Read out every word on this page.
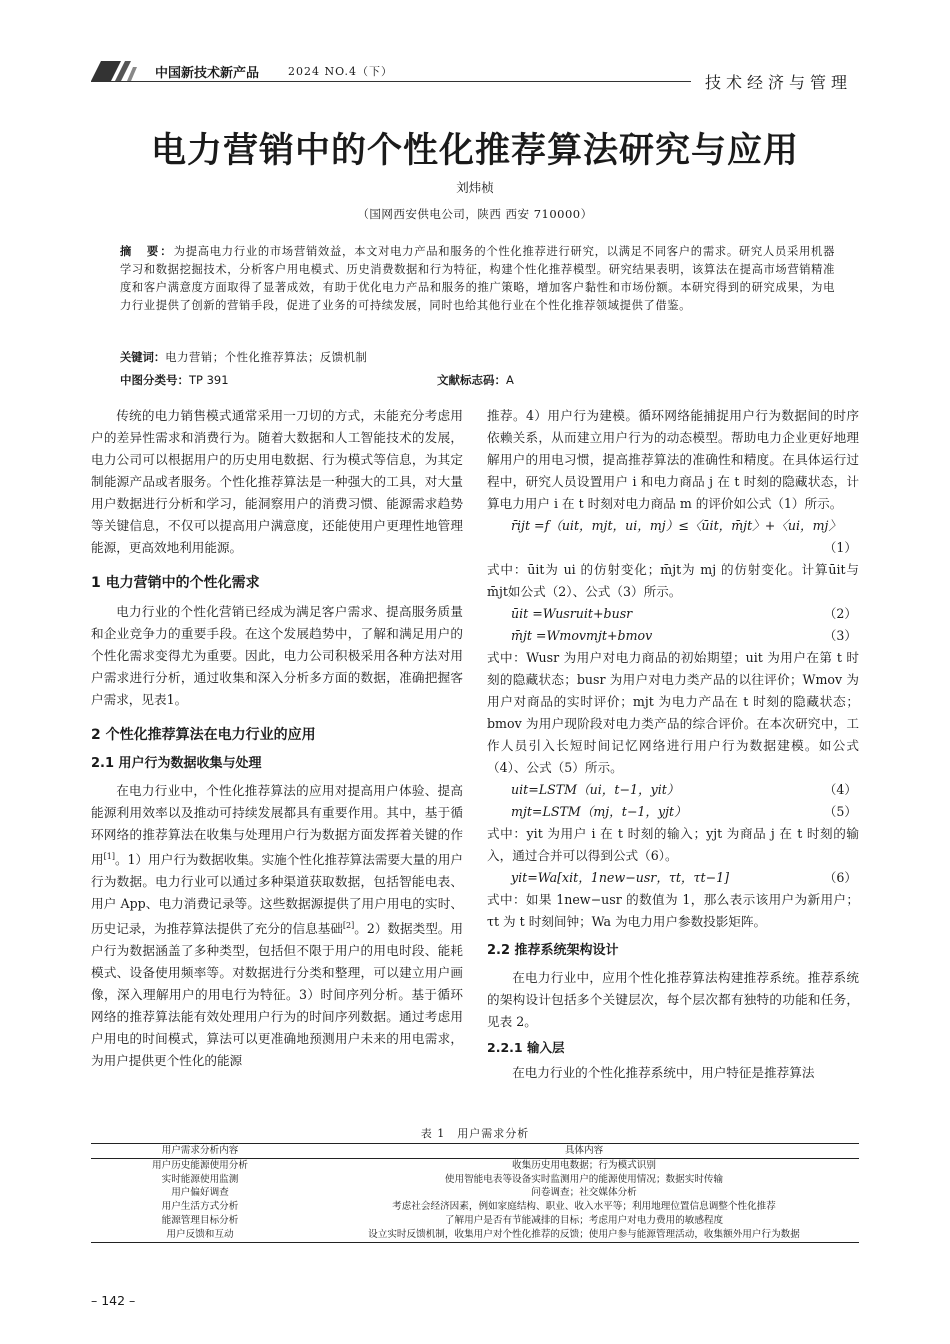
中国新技术新产品	2024 NO.4（下）
技术经济与管理
电力营销中的个性化推荐算法研究与应用
刘炜桢
（国网西安供电公司，陕西 西安 710000）
摘　要：为提高电力行业的市场营销效益，本文对电力产品和服务的个性化推荐进行研究，以满足不同客户的需求。研究人员采用机器学习和数据挖掘技术，分析客户用电模式、历史消费数据和行为特征，构建个性化推荐模型。研究结果表明，该算法在提高市场营销精准度和客户满意度方面取得了显著成效，有助于优化电力产品和服务的推广策略，增加客户黏性和市场份额。本研究得到的研究成果，为电力行业提供了创新的营销手段，促进了业务的可持续发展，同时也给其他行业在个性化推荐领域提供了借鉴。
关键词：电力营销；个性化推荐算法；反馈机制
中图分类号：TP 391	文献标志码：A

传统的电力销售模式通常采用一刀切的方式，未能充分考虑用户的差异性需求和消费行为。随着大数据和人工智能技术的发展，电力公司可以根据用户的历史用电数据、行为模式等信息，为其定制能源产品或者服务。个性化推荐算法是一种强大的工具，对大量用户数据进行分析和学习，能洞察用户的消费习惯、能源需求趋势等关键信息，不仅可以提高用户满意度，还能使用户更理性地管理能源，更高效地利用能源。

1 电力营销中的个性化需求

电力行业的个性化营销已经成为满足客户需求、提高服务质量和企业竞争力的重要手段。在这个发展趋势中，了解和满足用户的个性化需求变得尤为重要。因此，电力公司积极采用各种方法对用户需求进行分析，通过收集和深入分析多方面的数据，准确把握客户需求，见表1。

2 个性化推荐算法在电力行业的应用
2.1 用户行为数据收集与处理

在电力行业中，个性化推荐算法的应用对提高用户体验、提高能源利用效率以及推动可持续发展都具有重要作用。其中，基于循环网络的推荐算法在收集与处理用户行为数据方面发挥着关键的作用[1]。1）用户行为数据收集。实施个性化推荐算法需要大量的用户行为数据。电力行业可以通过多种渠道获取数据，包括智能电表、用户 App、电力消费记录等。这些数据源提供了用户用电的实时、历史记录，为推荐算法提供了充分的信息基础[2]。2）数据类型。用户行为数据涵盖了多种类型，包括但不限于用户的用电时段、能耗模式、设备使用频率等。对数据进行分类和整理，可以建立用户画像，深入理解用户的用电行为特征。3）时间序列分析。基于循环网络的推荐算法能有效处理用户行为的时间序列数据。通过考虑用户用电的时间模式，算法可以更准确地预测用户未来的用电需求，为用户提供更个性化的能源

推荐。4）用户行为建模。循环网络能捕捉用户行为数据间的时序依赖关系，从而建立用户行为的动态模型。帮助电力企业更好地理解用户的用电习惯，提高推荐算法的准确性和精度。在具体运行过程中，研究人员设置用户 i 和电力商品 j 在 t 时刻的隐藏状态，计算电力用户 i 在 t 时刻对电力商品 m 的评价如公式（1）所示。

r̄ijt =f（uit，mjt，ui，mj）≤〈ūit，m̄jt〉+〈ui，mj〉
（1）

式中：ūit为 ui 的仿射变化；m̄jt为 mj 的仿射变化。计算ūit与m̄jt如公式（2）、公式（3）所示。

ūit =Wusruit+busr	（2）
m̄jt =Wmovmjt+bmov	（3）

式中：Wusr 为用户对电力商品的初始期望；uit 为用户在第 t 时刻的隐藏状态；busr 为用户对电力类产品的以往评价；Wmov 为用户对商品的实时评价；mjt 为电力产品在 t 时刻的隐藏状态；bmov 为用户现阶段对电力类产品的综合评价。在本次研究中，工作人员引入长短时间记忆网络进行用户行为数据建模。如公式（4）、公式（5）所示。

uit=LSTM（ui，t−1，yit）	（4）
mjt=LSTM（mj，t−1，yjt）	（5）

式中：yit 为用户 i 在 t 时刻的输入；yjt 为商品 j 在 t 时刻的输入，通过合并可以得到公式（6）。

yit=Wa[xit，1new−usr，τt，τt−1]	（6）

式中：如果 1new−usr 的数值为 1，那么表示该用户为新用户；τt 为 t 时刻间钟；Wa 为电力用户参数投影矩阵。

2.2 推荐系统架构设计

在电力行业中，应用个性化推荐算法构建推荐系统。推荐系统的架构设计包括多个关键层次，每个层次都有独特的功能和任务，见表 2。

2.2.1 输入层

在电力行业的个性化推荐系统中，用户特征是推荐算法

表 1　用户需求分析
用户需求分析内容	具体内容
用户历史能源使用分析	收集历史用电数据；行为模式识别
实时能源使用监测	使用智能电表等设备实时监测用户的能源使用情况；数据实时传输
用户偏好调查	问卷调查；社交媒体分析
用户生活方式分析	考虑社会经济因素，例如家庭结构、职业、收入水平等；利用地理位置信息调整个性化推荐
能源管理目标分析	了解用户是否有节能减排的目标；考虑用户对电力费用的敏感程度
用户反馈和互动	设立实时反馈机制，收集用户对个性化推荐的反馈；使用户参与能源管理活动，收集额外用户行为数据
– 142 –
